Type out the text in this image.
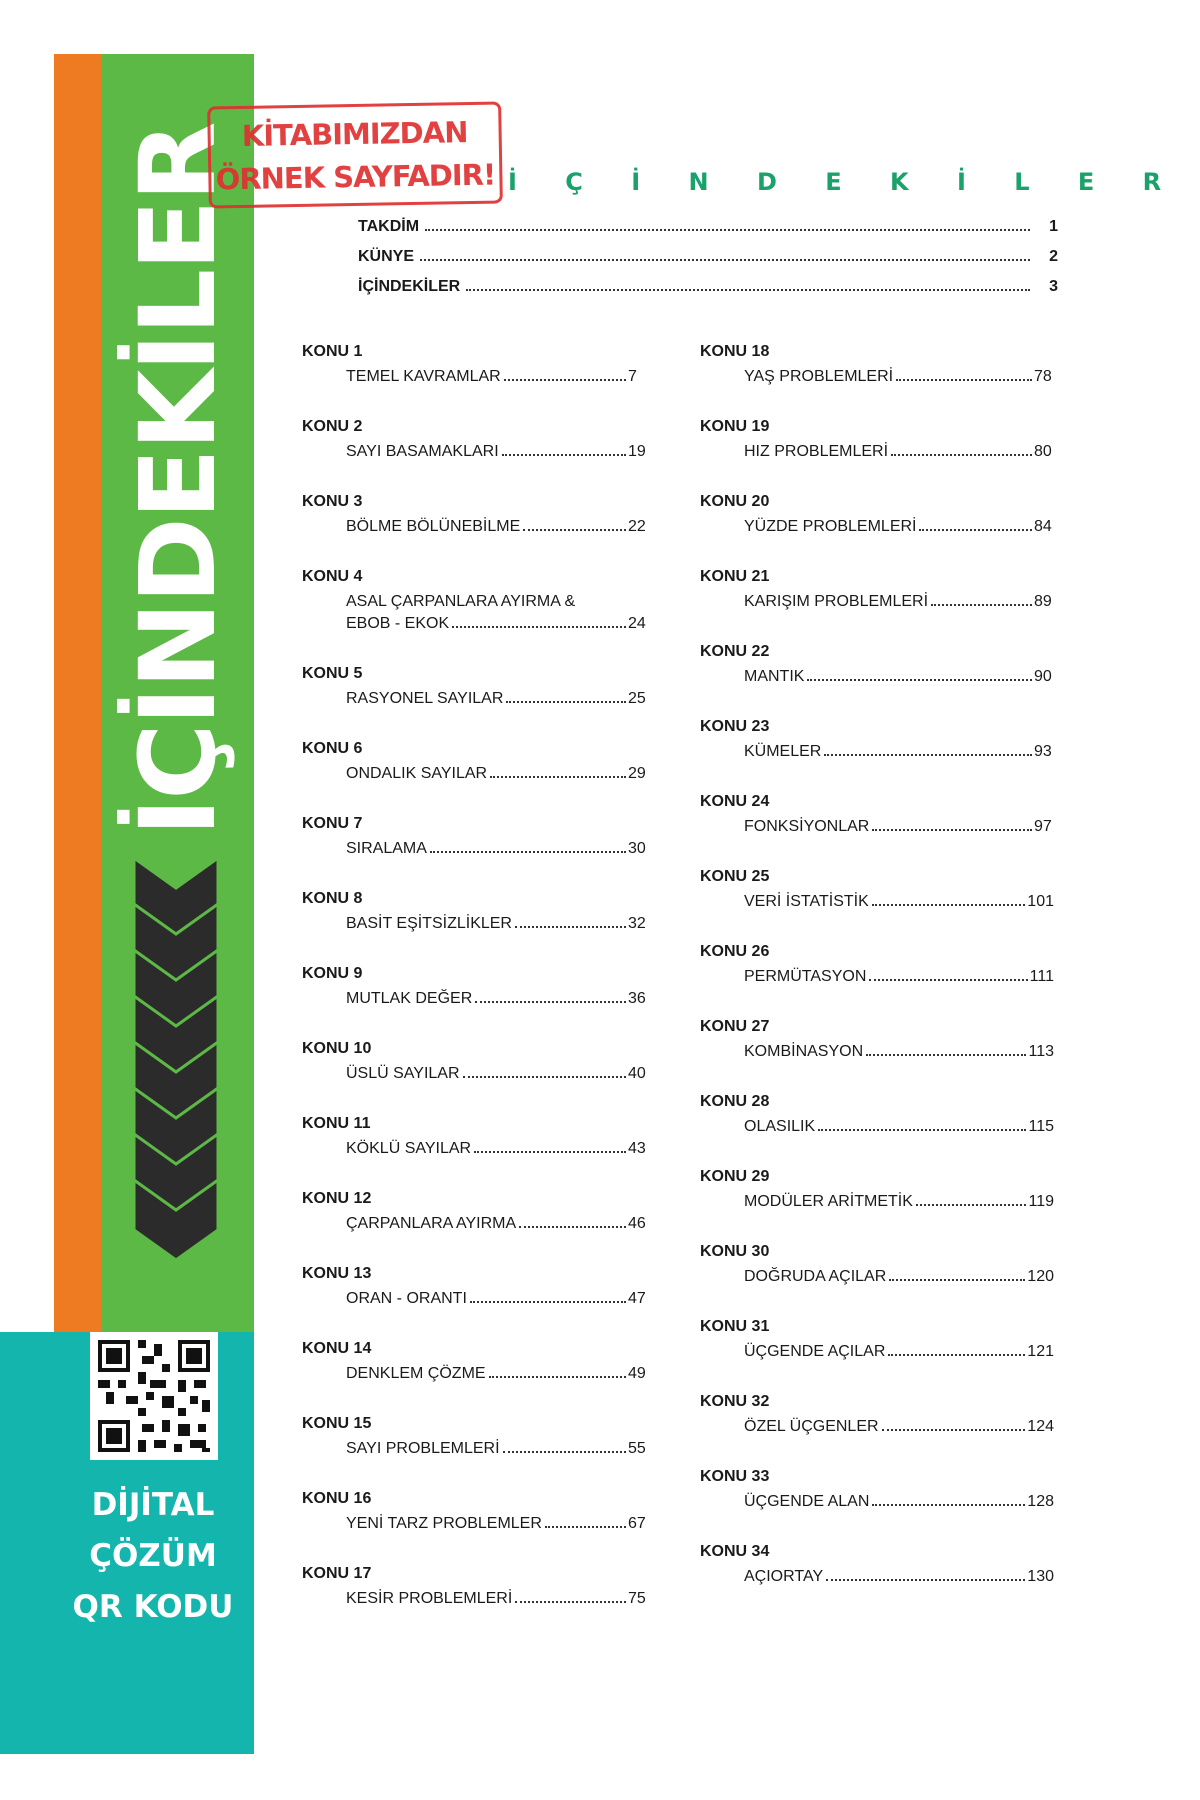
İÇİNDEKİLER
DİJİTAL
ÇÖZÜM
QR KODU
KİTABIMIZDAN
ÖRNEK SAYFADIR! İ Ç İ N D E K İ L E R
TAKDİM	1
KÜNYE	2
İÇİNDEKİLER	3
KONU 1
TEMEL KAVRAMLAR	7
KONU 2
SAYI BASAMAKLARI	19
KONU 3
BÖLME BÖLÜNEBİLME	22
KONU 4
ASAL ÇARPANLARA AYIRMA &
EBOB - EKOK	24
KONU 5
RASYONEL SAYILAR	25
KONU 6
ONDALIK SAYILAR	29
KONU 7
SIRALAMA	30
KONU 8
BASİT EŞİTSİZLİKLER	32
KONU 9
MUTLAK DEĞER	36
KONU 10
ÜSLÜ SAYILAR	40
KONU 11
KÖKLÜ SAYILAR	43
KONU 12
ÇARPANLARA AYIRMA	46
KONU 13
ORAN - ORANTI	47
KONU 14
DENKLEM ÇÖZME	49
KONU 15
SAYI PROBLEMLERİ	55
KONU 16
YENİ TARZ PROBLEMLER	67
KONU 17
KESİR PROBLEMLERİ	75
KONU 18
YAŞ PROBLEMLERİ	78
KONU 19
HIZ PROBLEMLERİ	80
KONU 20
YÜZDE PROBLEMLERİ	84
KONU 21
KARIŞIM PROBLEMLERİ	89
KONU 22
MANTIK	90
KONU 23
KÜMELER	93
KONU 24
FONKSİYONLAR	97
KONU 25
VERİ İSTATİSTİK	101
KONU 26
PERMÜTASYON	111
KONU 27
KOMBİNASYON	113
KONU 28
OLASILIK	115
KONU 29
MODÜLER ARİTMETİK	119
KONU 30
DOĞRUDA AÇILAR	120
KONU 31
ÜÇGENDE AÇILAR	121
KONU 32
ÖZEL ÜÇGENLER	124
KONU 33
ÜÇGENDE ALAN	128
KONU 34
AÇIORTAY	130
